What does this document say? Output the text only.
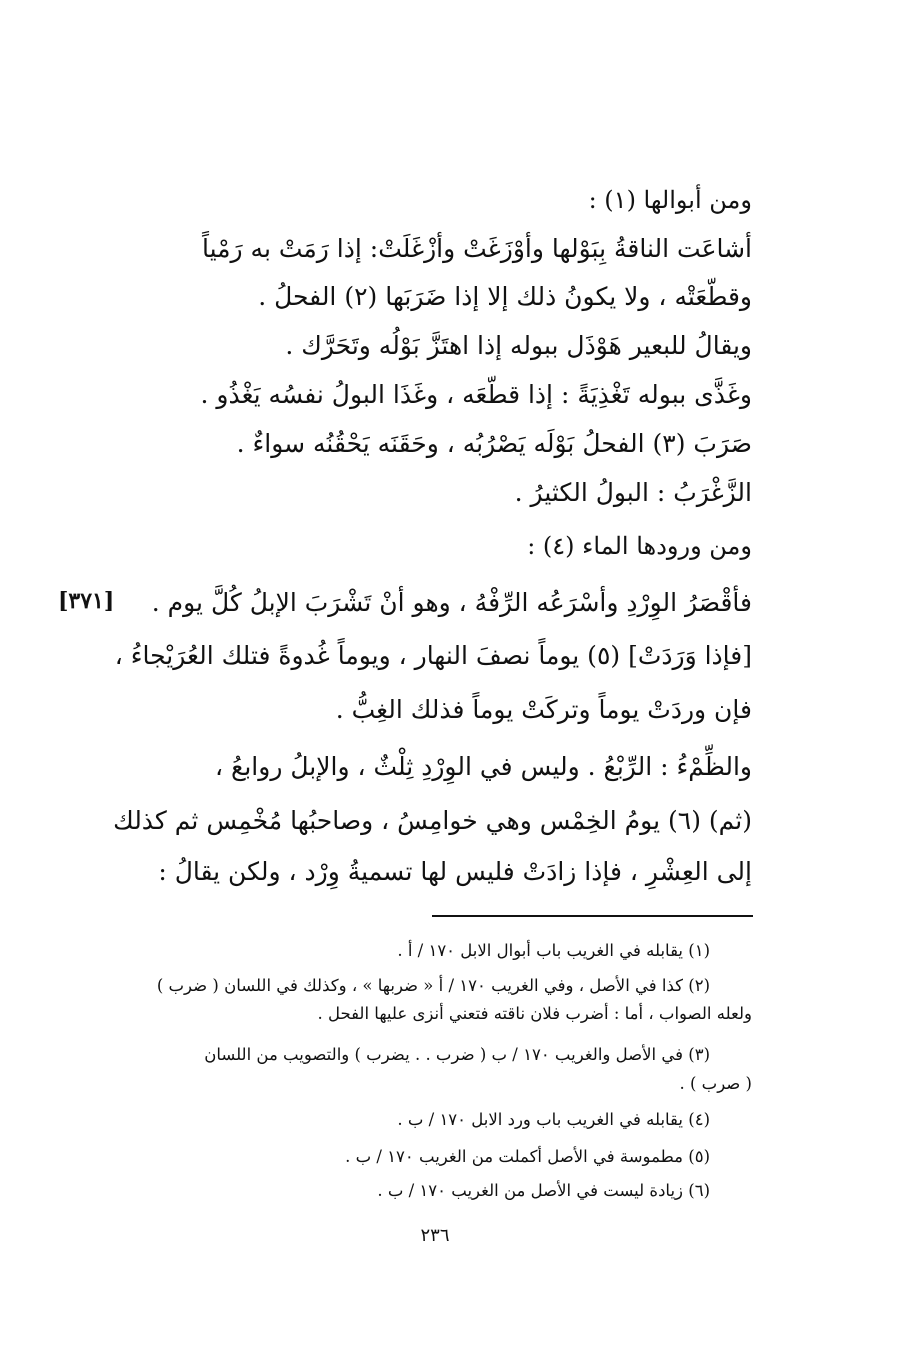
[٣٧١]
ومن أبوالها (١) :
أشاعَت الناقةُ بِبَوْلها وأوْزَغَتْ وأزْغَلَتْ: إذا رَمَتْ به رَمْياً
وقطّعَتْه ، ولا يكونُ ذلك إلا إذا ضَرَبَها (٢) الفحلُ .
ويقالُ للبعير هَوْذَل ببوله إذا اهتَزَّ بَوْلُه وتَحَرَّك .
وغَذَّى ببوله تَغْذِيَةً : إذا قطّعَه ، وغَذَا البولُ نفسُه يَغْذُو .
صَرَبَ (٣) الفحلُ بَوْلَه يَصْرُبُه ، وحَقَنَه يَحْقُنُه سواءٌ .
الزَّغْرَبُ : البولُ الكثيرُ .
ومن ورودها الماء (٤) :
فأقْصَرُ الوِرْدِ وأسْرَعُه الرِّفْهُ ، وهو أنْ تَشْرَبَ الإبلُ كُلَّ يوم .
[فإذا وَرَدَتْ] (٥) يوماً نصفَ النهار ، ويوماً غُدوةً فتلك العُرَيْجاءُ ،
فإن وردَتْ يوماً وتركَتْ يوماً فذلك الغِبُّ .
والظِّمْءُ : الرِّبْعُ . وليس في الوِرْدِ ثِلْثٌ ، والإبلُ روابعُ ،
(ثم) (٦) يومُ الخِمْس وهي خوامِسُ ، وصاحبُها مُخْمِس ثم كذلك
إلى العِشْرِ ، فإذا زادَتْ فليس لها تسميةُ وِرْد ، ولكن يقالُ :
(١) يقابله في الغريب باب أبوال الابل ١٧٠ / أ .
(٢) كذا في الأصل ، وفي الغريب ١٧٠ / أ « ضربها » ، وكذلك في اللسان ( ضرب )
ولعله الصواب ، أما : أضرب فلان ناقته فتعني أنزى عليها الفحل .
(٣) في الأصل والغريب ١٧٠ / ب ( ضرب . . يضرب ) والتصويب من اللسان
( صرب ) .
(٤) يقابله في الغريب باب ورد الابل ١٧٠ / ب .
(٥) مطموسة في الأصل أكملت من الغريب ١٧٠ / ب .
(٦) زيادة ليست في الأصل من الغريب ١٧٠ / ب .
٢٣٦
